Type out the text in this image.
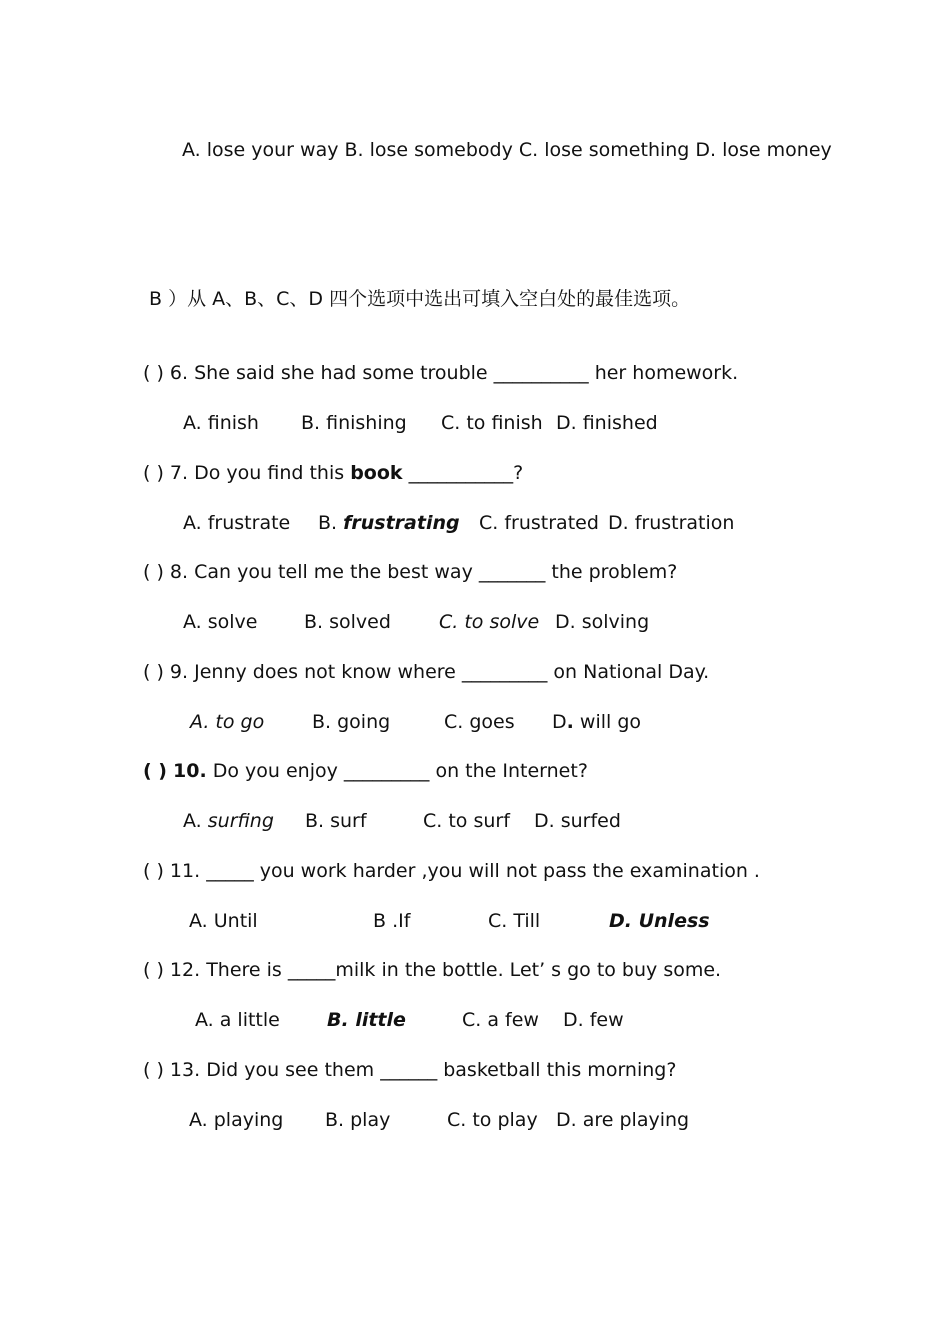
A. lose your way B. lose somebody C. lose something D. lose money
B ）从 A、B、C、D 四个选项中选出可填入空白处的最佳选项。
( ) 6. She said she had some trouble __________ her homework.
A. finish B. finishing C. to finish D. finished
( ) 7. Do you find this book ___________?
A. frustrate B. frustrating C. frustrated D. frustration
( ) 8. Can you tell me the best way _______ the problem?
A. solve B. solved	C. to solve D. solving
( ) 9. Jenny does not know where _________ on National Day.
A. to go	B. going	C. goes D. will go
( ) 10. Do you enjoy _________ on the Internet?
A. surfing B. surf	C. to surf D. surfed
( ) 11. _____ you work harder ,you will not pass the examination .
A. Until	B .If	C. Till	D. Unless
( ) 12. There is _____milk in the bottle. Let’ s go to buy some.
A. a little B. little	C. a few D. few
( ) 13. Did you see them ______ basketball this morning?
A. playing B. play	C. to play D. are playing
